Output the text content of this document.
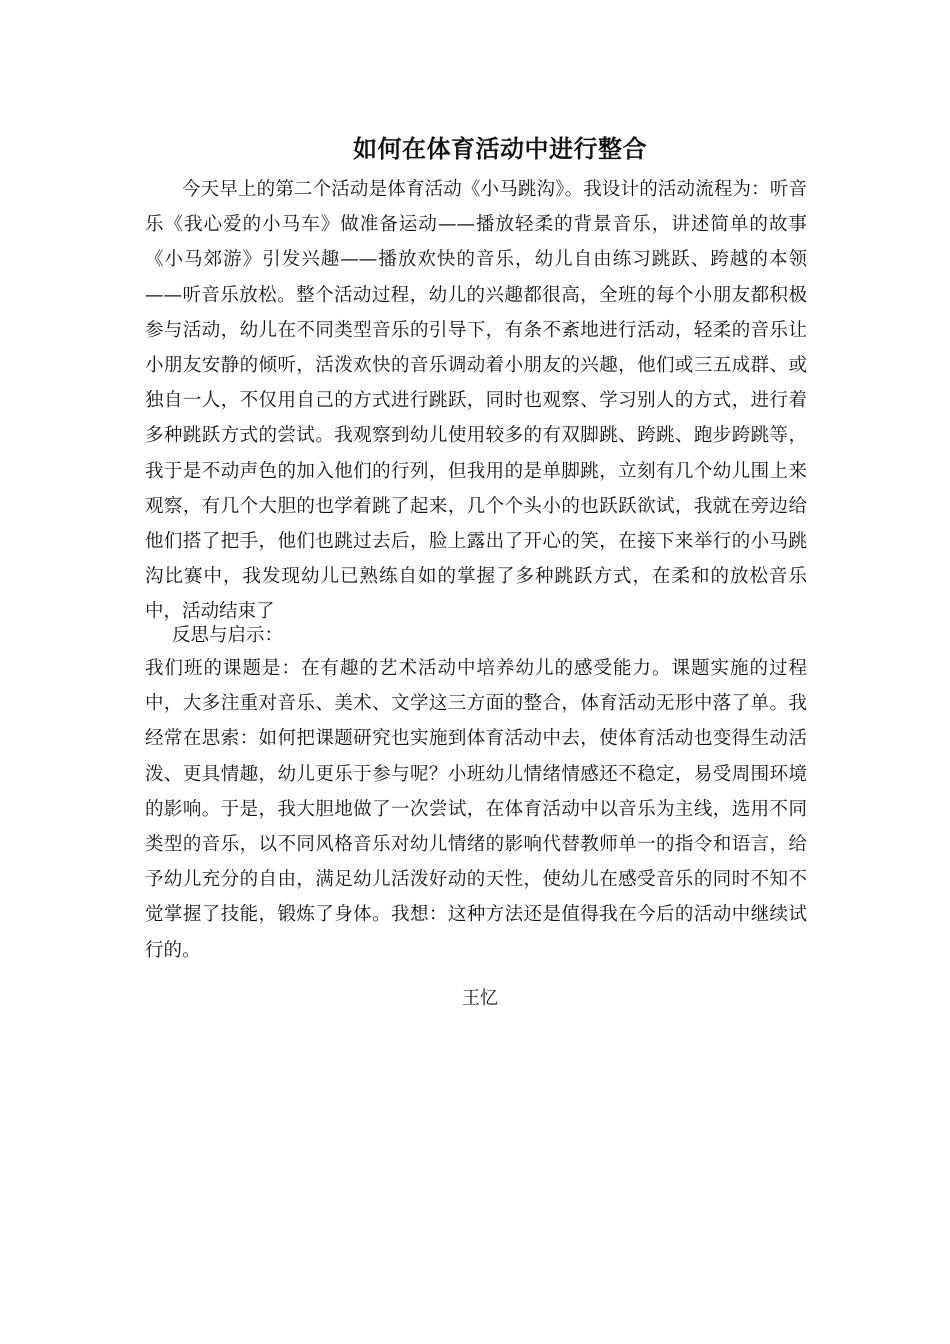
如何在体育活动中进行整合

今天早上的第二个活动是体育活动《小马跳沟》。我设计的活动流程为：听音乐《我心爱的小马车》做准备运动——播放轻柔的背景音乐，讲述简单的故事《小马郊游》引发兴趣——播放欢快的音乐，幼儿自由练习跳跃、跨越的本领——听音乐放松。整个活动过程，幼儿的兴趣都很高，全班的每个小朋友都积极参与活动，幼儿在不同类型音乐的引导下，有条不紊地进行活动，轻柔的音乐让小朋友安静的倾听，活泼欢快的音乐调动着小朋友的兴趣，他们或三五成群、或独自一人，不仅用自己的方式进行跳跃，同时也观察、学习别人的方式，进行着多种跳跃方式的尝试。我观察到幼儿使用较多的有双脚跳、跨跳、跑步跨跳等，我于是不动声色的加入他们的行列，但我用的是单脚跳，立刻有几个幼儿围上来观察，有几个大胆的也学着跳了起来，几个个头小的也跃跃欲试，我就在旁边给他们搭了把手，他们也跳过去后，脸上露出了开心的笑，在接下来举行的小马跳沟比赛中，我发现幼儿已熟练自如的掌握了多种跳跃方式，在柔和的放松音乐中，活动结束了

反思与启示：

我们班的课题是：在有趣的艺术活动中培养幼儿的感受能力。课题实施的过程中，大多注重对音乐、美术、文学这三方面的整合，体育活动无形中落了单。我经常在思索：如何把课题研究也实施到体育活动中去，使体育活动也变得生动活泼、更具情趣，幼儿更乐于参与呢？小班幼儿情绪情感还不稳定，易受周围环境的影响。于是，我大胆地做了一次尝试，在体育活动中以音乐为主线，选用不同类型的音乐，以不同风格音乐对幼儿情绪的影响代替教师单一的指令和语言，给予幼儿充分的自由，满足幼儿活泼好动的天性，使幼儿在感受音乐的同时不知不觉掌握了技能，锻炼了身体。我想：这种方法还是值得我在今后的活动中继续试行的。

王忆
